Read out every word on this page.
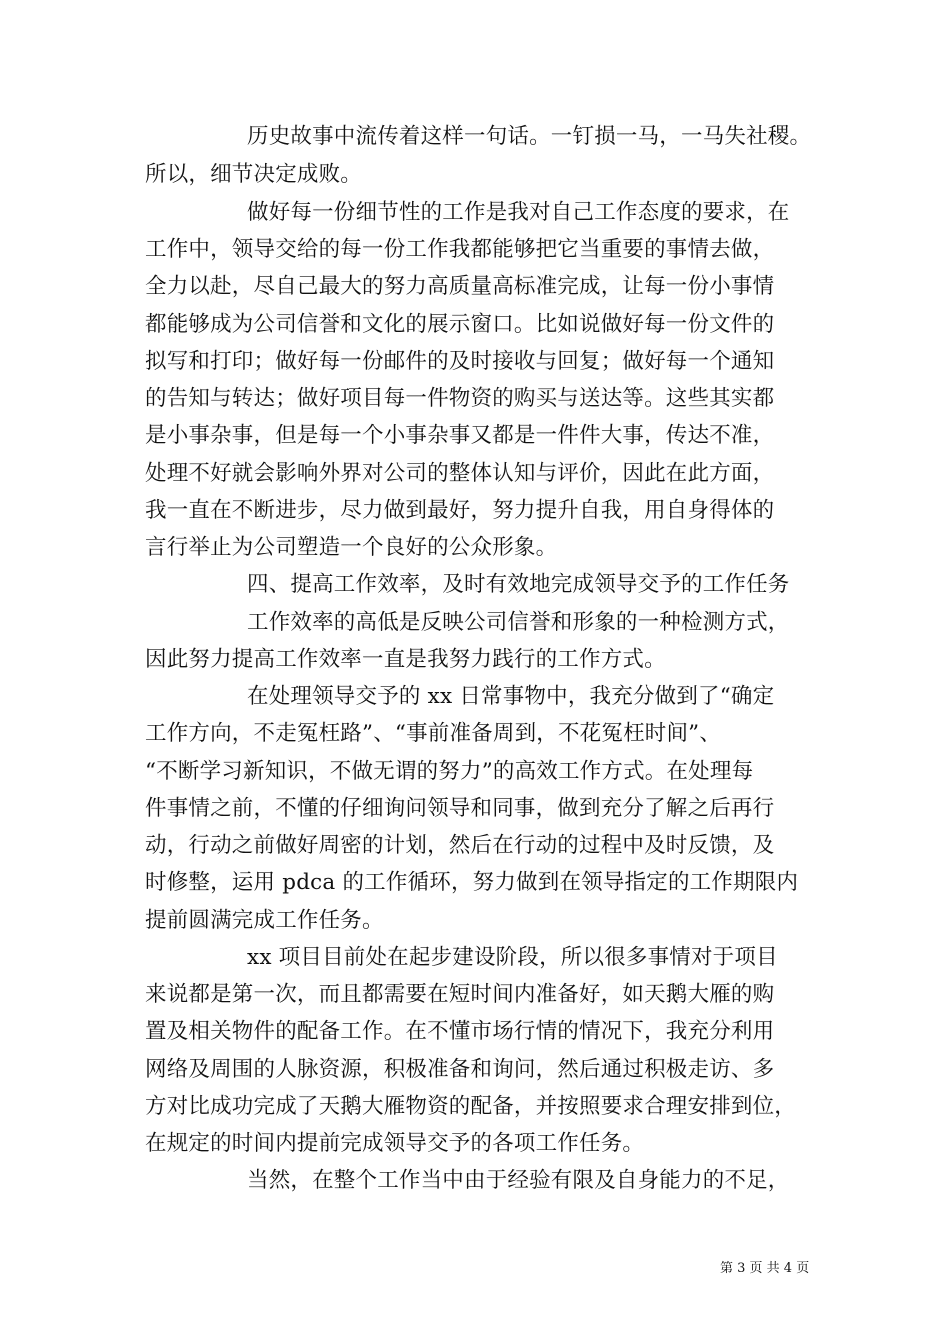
历史故事中流传着这样一句话。一钉损一马，一马失社稷。
所以，细节决定成败。
做好每一份细节性的工作是我对自己工作态度的要求，在
工作中，领导交给的每一份工作我都能够把它当重要的事情去做，
全力以赴，尽自己最大的努力高质量高标准完成，让每一份小事情
都能够成为公司信誉和文化的展示窗口。比如说做好每一份文件的
拟写和打印；做好每一份邮件的及时接收与回复；做好每一个通知
的告知与转达；做好项目每一件物资的购买与送达等。这些其实都
是小事杂事，但是每一个小事杂事又都是一件件大事，传达不准，
处理不好就会影响外界对公司的整体认知与评价，因此在此方面，
我一直在不断进步，尽力做到最好，努力提升自我，用自身得体的
言行举止为公司塑造一个良好的公众形象。
四、提高工作效率，及时有效地完成领导交予的工作任务
工作效率的高低是反映公司信誉和形象的一种检测方式，
因此努力提高工作效率一直是我努力践行的工作方式。
在处理领导交予的 xx 日常事物中，我充分做到了“确定
工作方向，不走冤枉路”、“事前准备周到，不花冤枉时间”、
“不断学习新知识，不做无谓的努力”的高效工作方式。在处理每
件事情之前，不懂的仔细询问领导和同事，做到充分了解之后再行
动，行动之前做好周密的计划，然后在行动的过程中及时反馈，及
时修整，运用 pdca 的工作循环，努力做到在领导指定的工作期限内
提前圆满完成工作任务。
xx 项目目前处在起步建设阶段，所以很多事情对于项目
来说都是第一次，而且都需要在短时间内准备好，如天鹅大雁的购
置及相关物件的配备工作。在不懂市场行情的情况下，我充分利用
网络及周围的人脉资源，积极准备和询问，然后通过积极走访、多
方对比成功完成了天鹅大雁物资的配备，并按照要求合理安排到位，
在规定的时间内提前完成领导交予的各项工作任务。
当然，在整个工作当中由于经验有限及自身能力的不足，
第 3 页 共 4 页
